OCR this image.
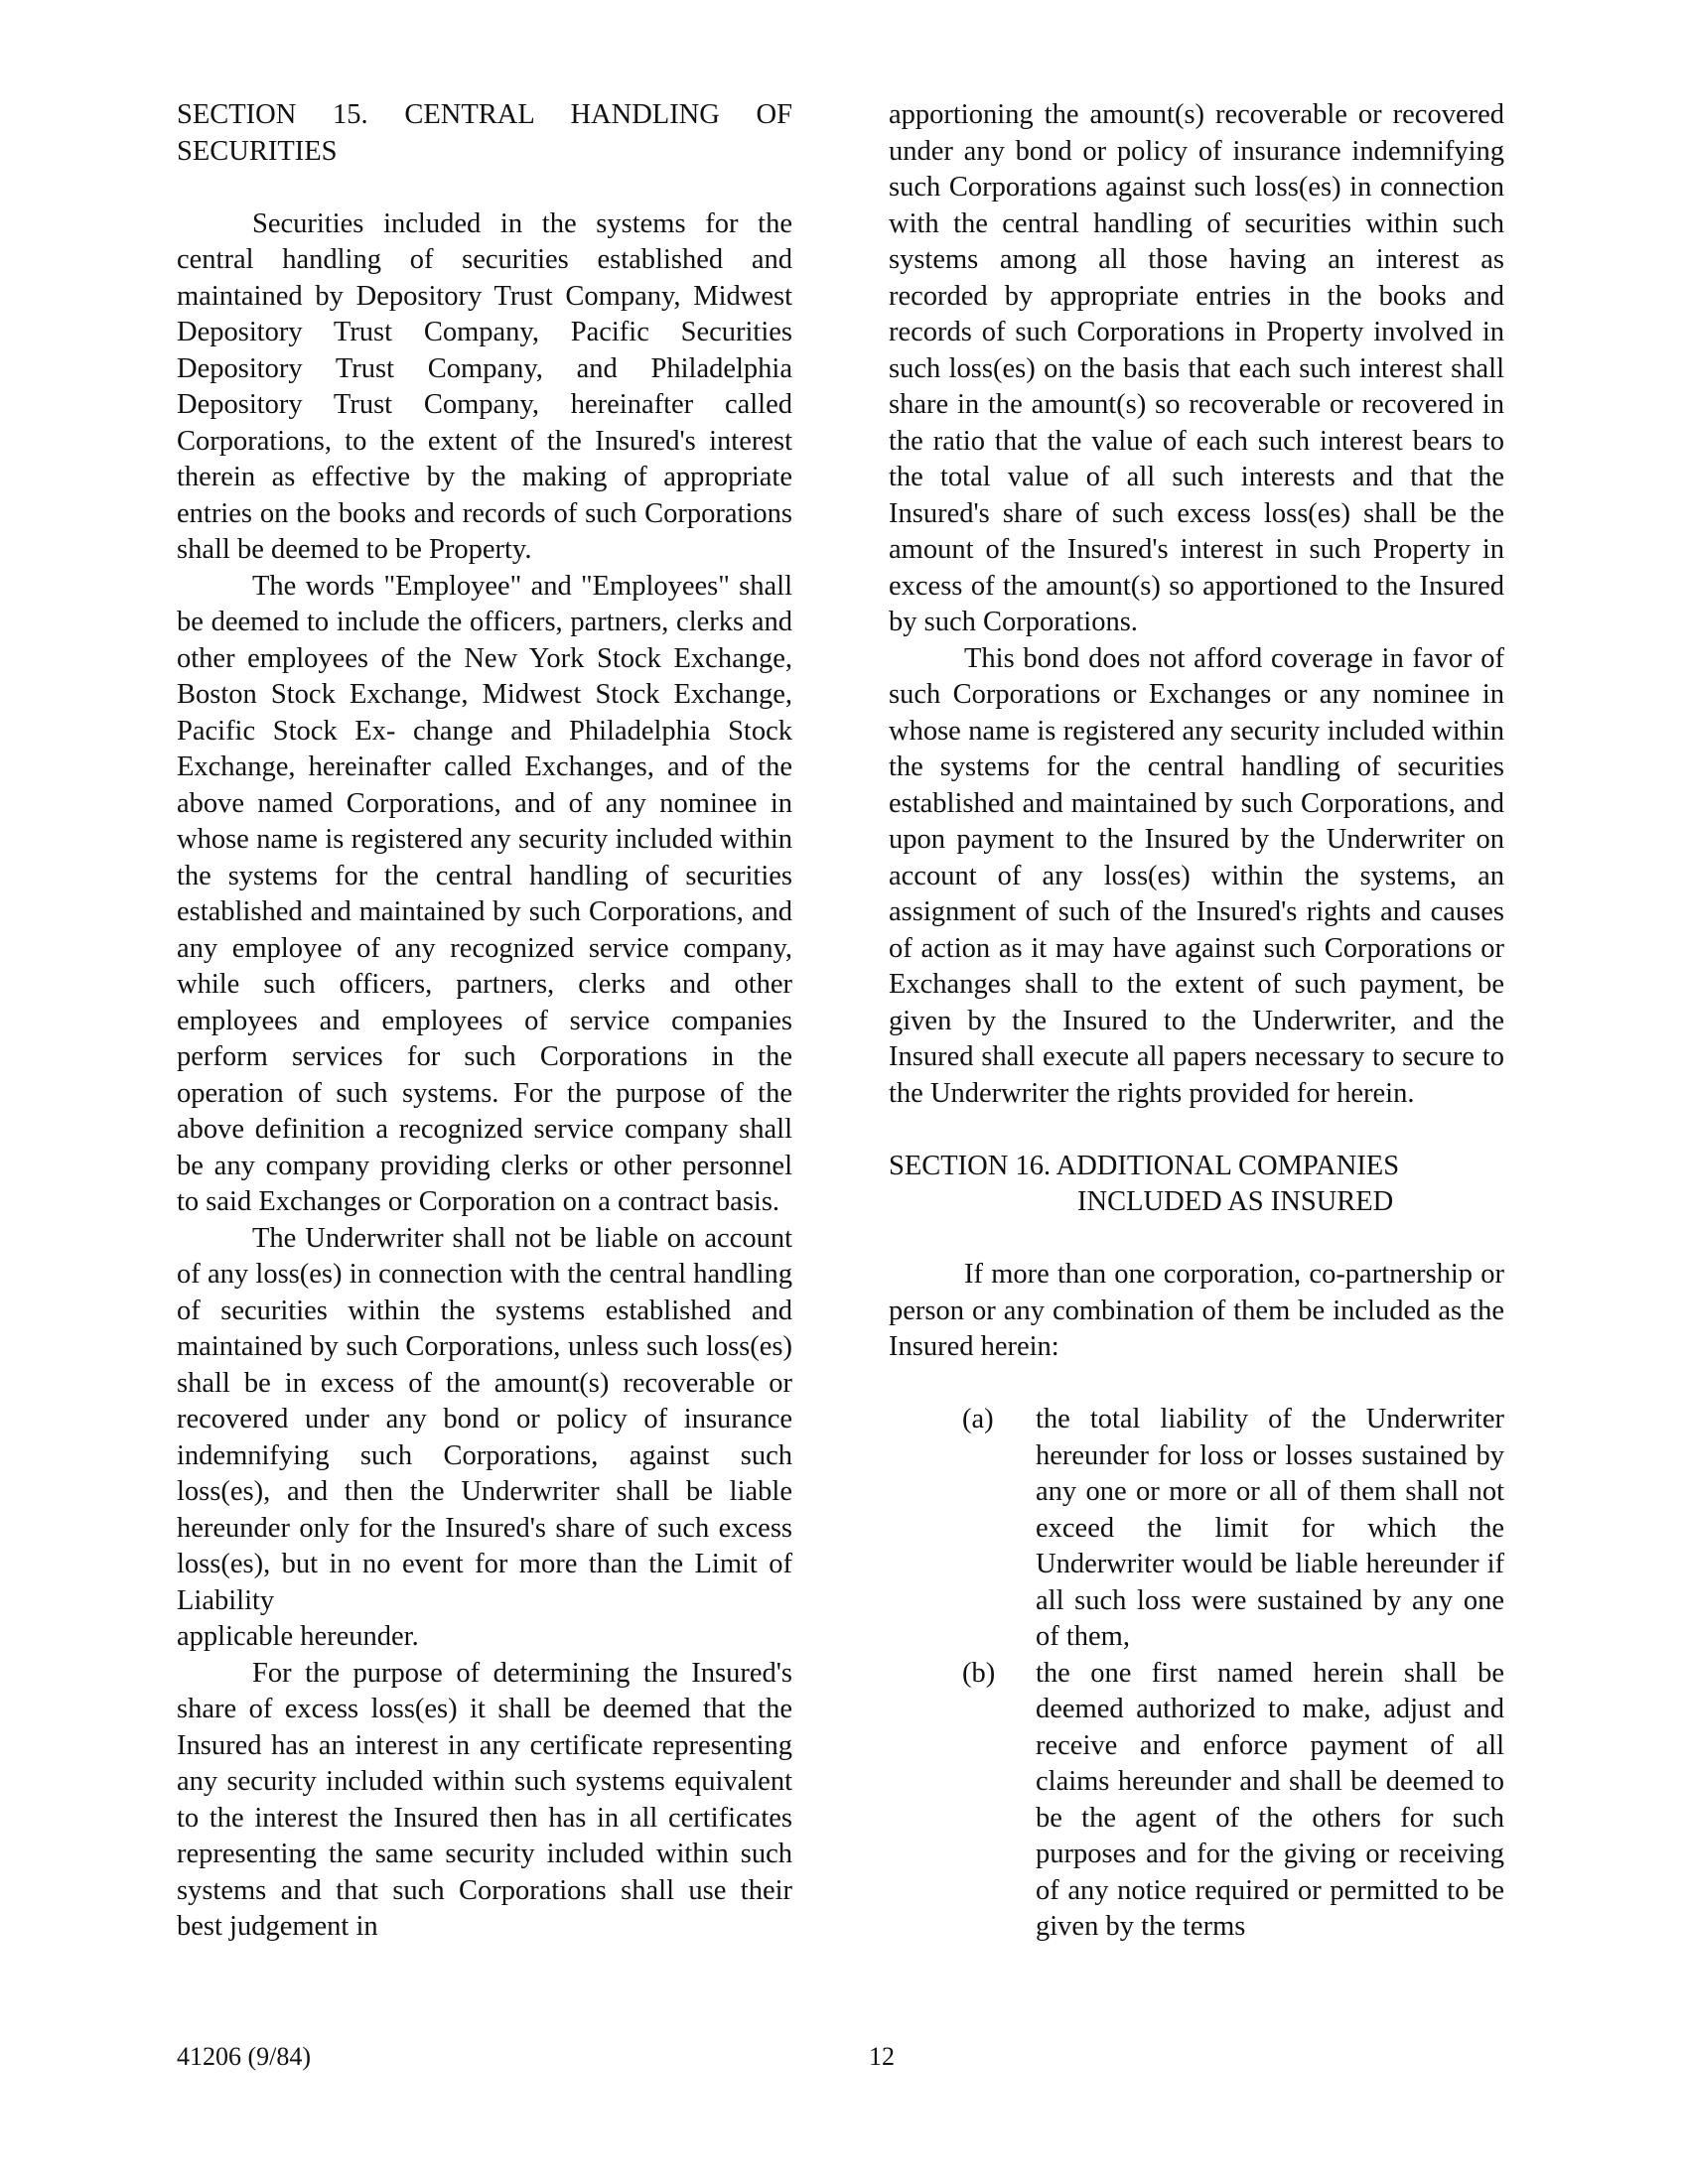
SECTION 15. CENTRAL HANDLING OF SECURITIES

Securities included in the systems for the central handling of securities established and maintained by Depository Trust Company, Midwest Depository Trust Company, Pacific Securities Depository Trust Company, and Philadelphia Depository Trust Company, hereinafter called Corporations, to the extent of the Insured's interest therein as effective by the making of appropriate entries on the books and records of such Corporations shall be deemed to be Property.

The words "Employee" and "Employees" shall be deemed to include the officers, partners, clerks and other employees of the New York Stock Exchange, Boston Stock Exchange, Midwest Stock Exchange, Pacific Stock Ex- change and Philadelphia Stock Exchange, hereinafter called Exchanges, and of the above named Corporations, and of any nominee in whose name is registered any security included within the systems for the central handling of securities established and maintained by such Corporations, and any employee of any recognized service company, while such officers, partners, clerks and other employees and employees of service companies perform services for such Corporations in the operation of such systems. For the purpose of the above definition a recognized service company shall be any company providing clerks or other personnel to said Exchanges or Corporation on a contract basis.

The Underwriter shall not be liable on account of any loss(es) in connection with the central handling of securities within the systems established and maintained by such Corporations, unless such loss(es) shall be in excess of the amount(s) recoverable or recovered under any bond or policy of insurance indemnifying such Corporations, against such loss(es), and then the Underwriter shall be liable hereunder only for the Insured's share of such excess loss(es), but in no event for more than the Limit of Liability

applicable hereunder.

For the purpose of determining the Insured's share of excess loss(es) it shall be deemed that the Insured has an interest in any certificate representing any security included within such systems equivalent to the interest the Insured then has in all certificates representing the same security included within such systems and that such Corporations shall use their best judgement in

apportioning the amount(s) recoverable or recovered under any bond or policy of insurance indemnifying such Corporations against such loss(es) in connection with the central handling of securities within such systems among all those having an interest as recorded by appropriate entries in the books and records of such Corporations in Property involved in such loss(es) on the basis that each such interest shall share in the amount(s) so recoverable or recovered in the ratio that the value of each such interest bears to the total value of all such interests and that the Insured's share of such excess loss(es) shall be the amount of the Insured's interest in such Property in excess of the amount(s) so apportioned to the Insured by such Corporations.

This bond does not afford coverage in favor of such Corporations or Exchanges or any nominee in whose name is registered any security included within the systems for the central handling of securities established and maintained by such Corporations, and upon payment to the Insured by the Underwriter on account of any loss(es) within the systems, an assignment of such of the Insured's rights and causes of action as it may have against such Corporations or Exchanges shall to the extent of such payment, be given by the Insured to the Underwriter, and the Insured shall execute all papers necessary to secure to the Underwriter the rights provided for herein.

SECTION 16. ADDITIONAL COMPANIES

INCLUDED AS INSURED

If more than one corporation, co-partnership or person or any combination of them be included as the Insured herein:

(a) the total liability of the Underwriter hereunder for loss or losses sustained by any one or more or all of them shall not exceed the limit for which the Underwriter would be liable hereunder if all such loss were sustained by any one of them,
(b) the one first named herein shall be deemed authorized to make, adjust and receive and enforce payment of all claims hereunder and shall be deemed to be the agent of the others for such purposes and for the giving or receiving of any notice required or permitted to be given by the terms
41206 (9/84)	12
